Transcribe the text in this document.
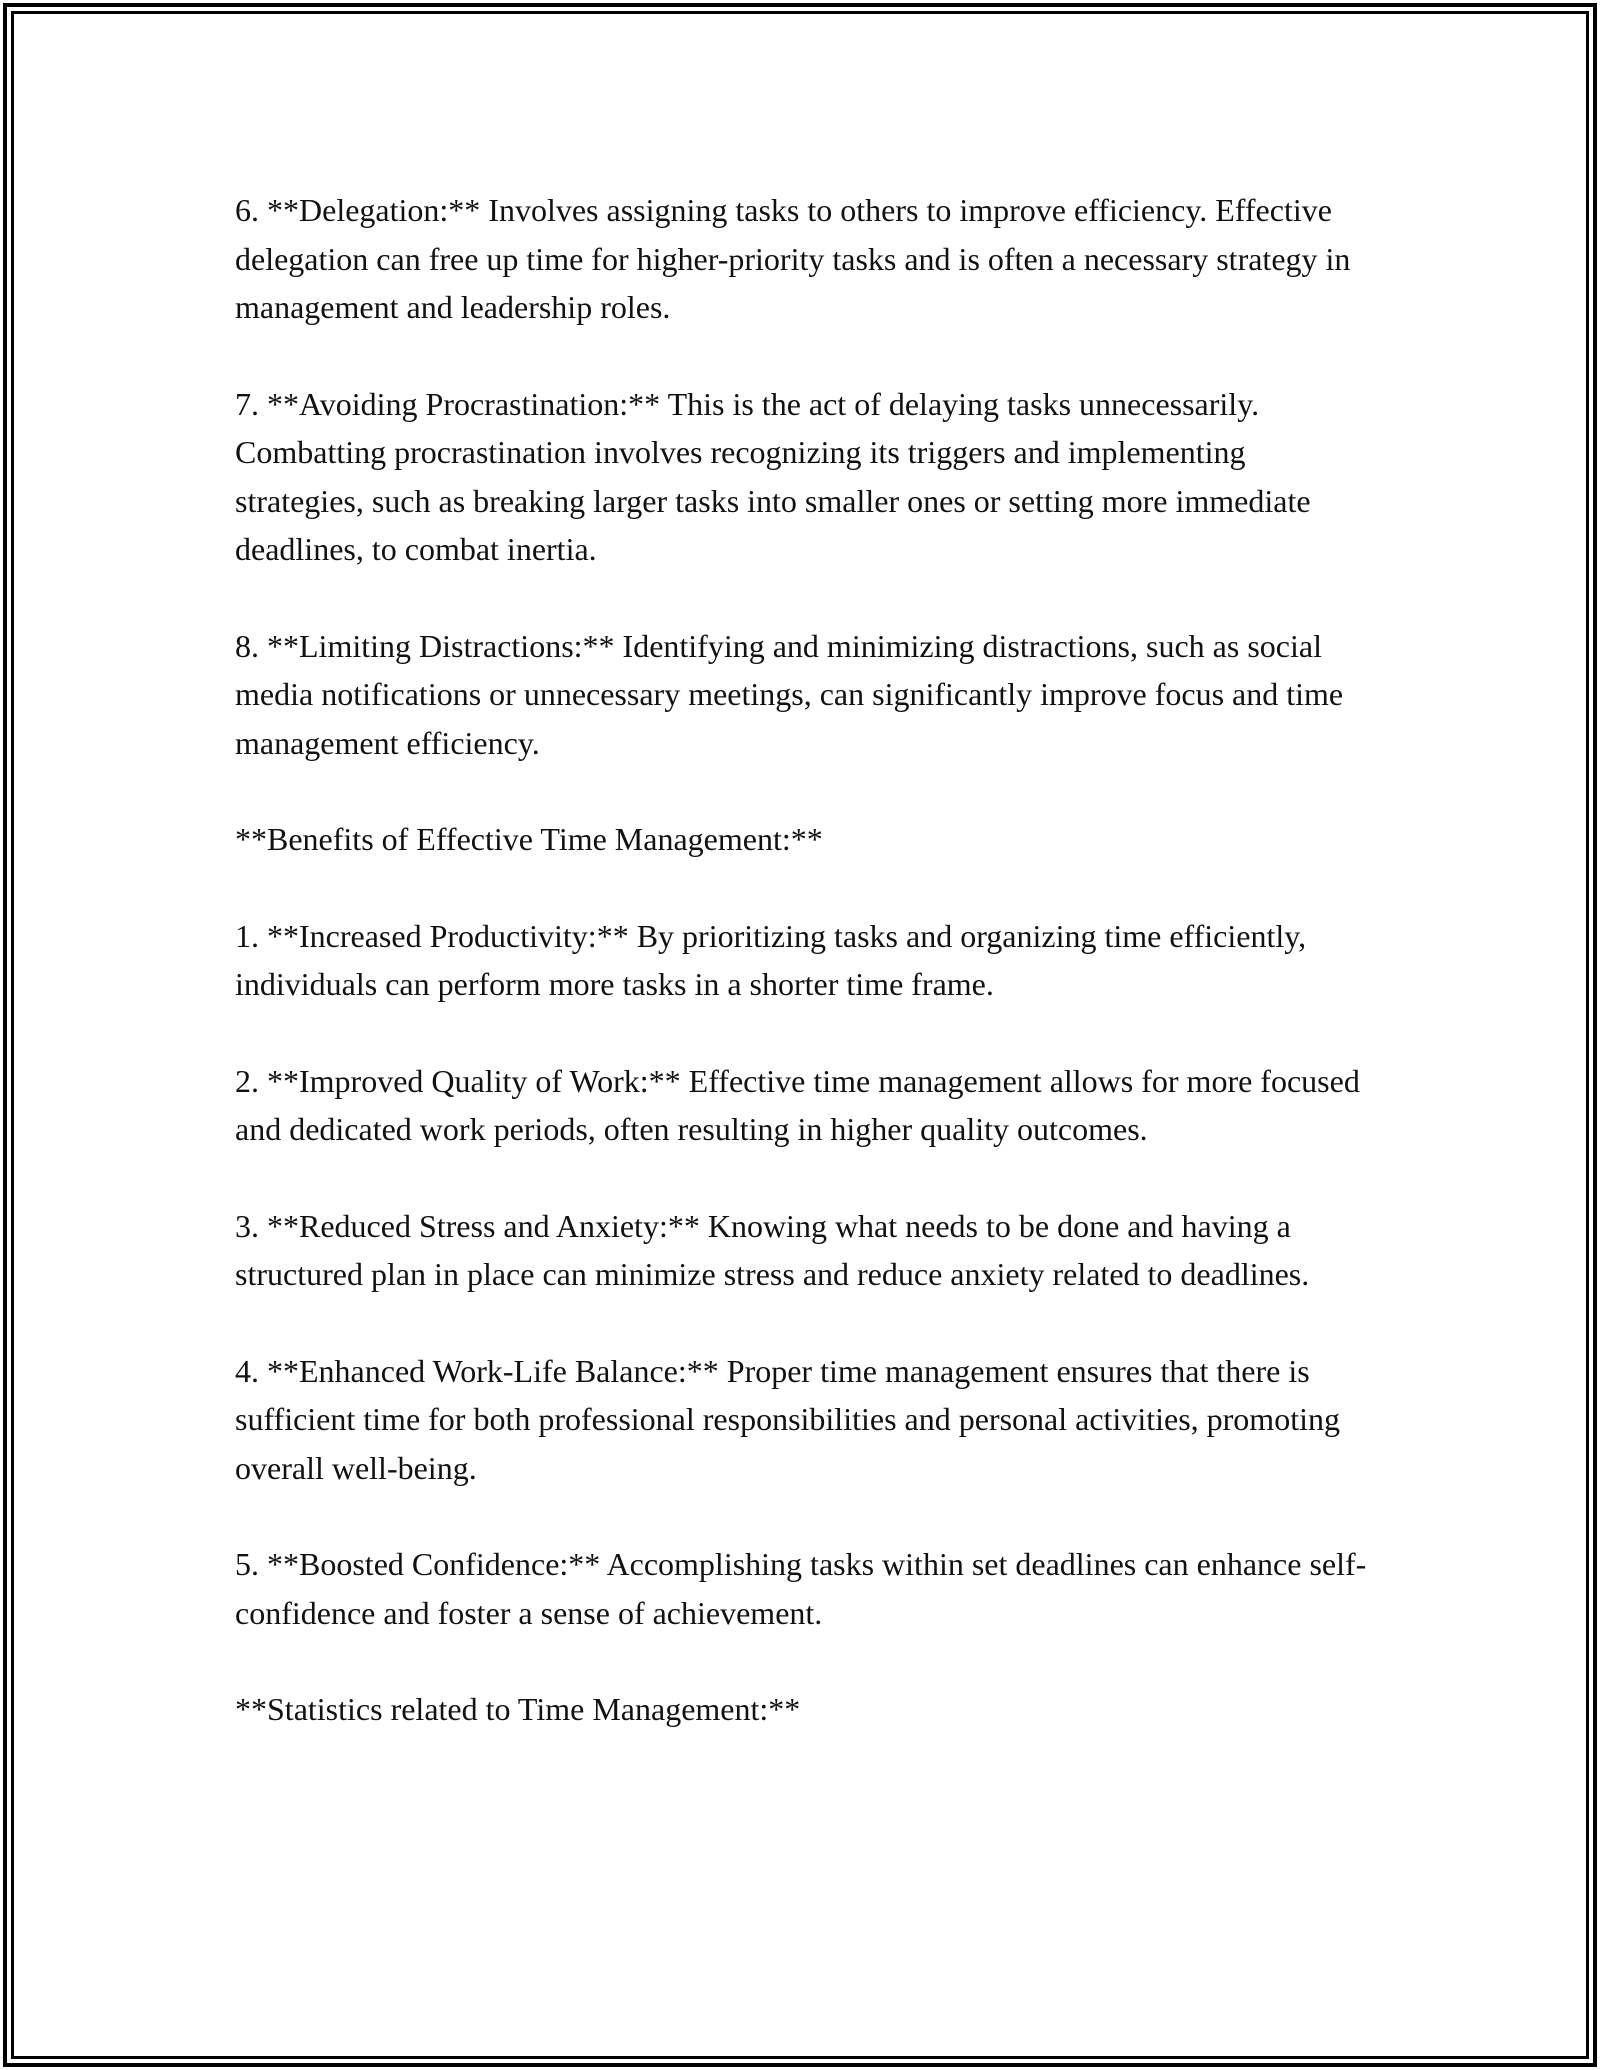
6. **Delegation:** Involves assigning tasks to others to improve efficiency. Effective delegation can free up time for higher-priority tasks and is often a necessary strategy in management and leadership roles.

7. **Avoiding Procrastination:** This is the act of delaying tasks unnecessarily. Combatting procrastination involves recognizing its triggers and implementing strategies, such as breaking larger tasks into smaller ones or setting more immediate deadlines, to combat inertia.

8. **Limiting Distractions:** Identifying and minimizing distractions, such as social media notifications or unnecessary meetings, can significantly improve focus and time management efficiency.

**Benefits of Effective Time Management:**

1. **Increased Productivity:** By prioritizing tasks and organizing time efficiently, individuals can perform more tasks in a shorter time frame.

2. **Improved Quality of Work:** Effective time management allows for more focused and dedicated work periods, often resulting in higher quality outcomes.

3. **Reduced Stress and Anxiety:** Knowing what needs to be done and having a structured plan in place can minimize stress and reduce anxiety related to deadlines.

4. **Enhanced Work-Life Balance:** Proper time management ensures that there is sufficient time for both professional responsibilities and personal activities, promoting overall well-being.

5. **Boosted Confidence:** Accomplishing tasks within set deadlines can enhance self-confidence and foster a sense of achievement.

**Statistics related to Time Management:**
